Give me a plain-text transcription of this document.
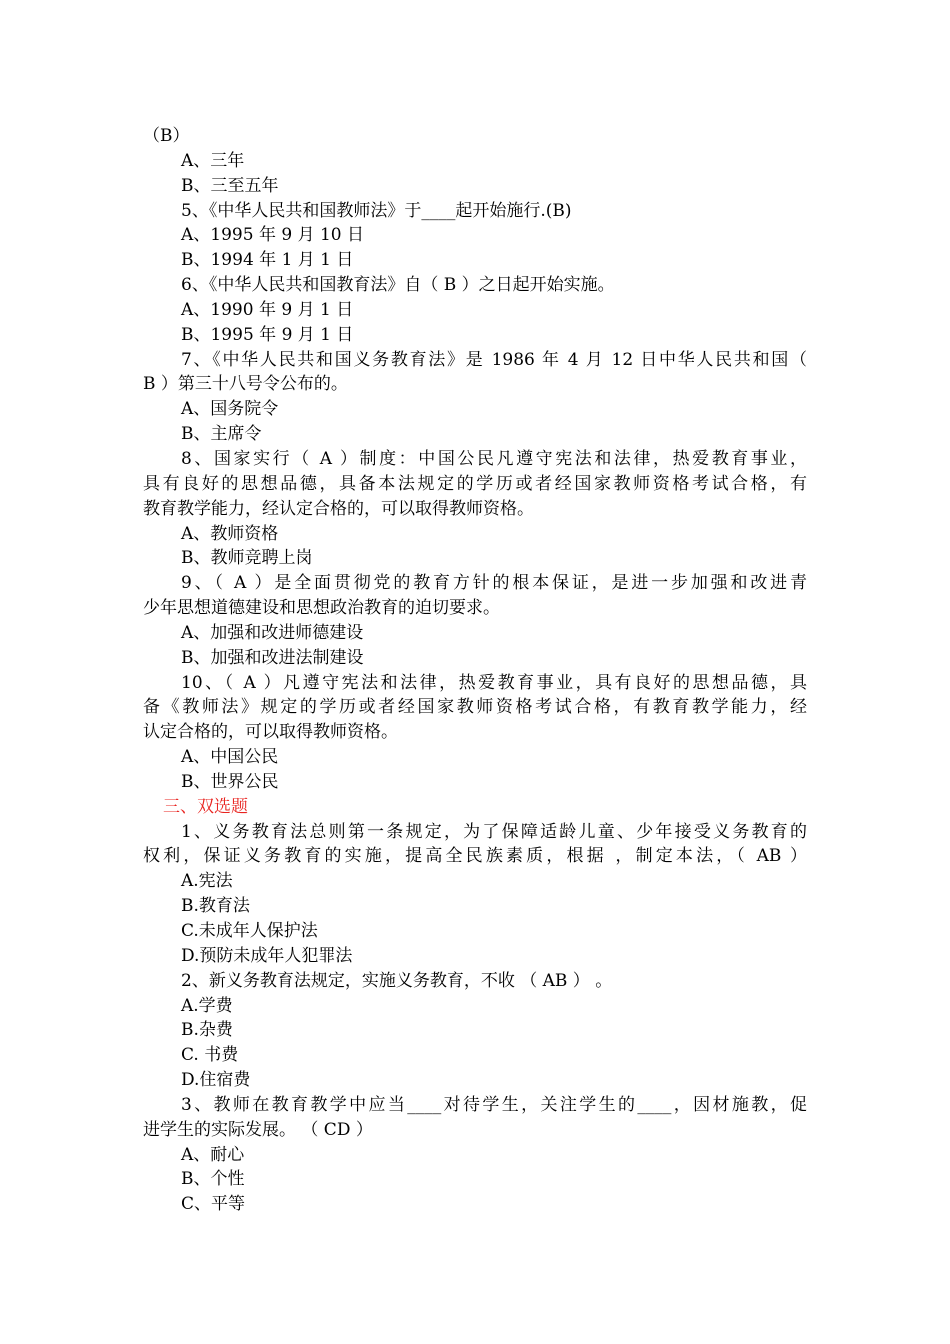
（B）
A、三年
B、三至五年
5、《中华人民共和国教师法》于____起开始施行.(B)
A、1995 年 9 月 10 日
B、1994 年 1 月 1 日
6、《中华人民共和国教育法》自（ B ）之日起开始实施。
A、1990 年 9 月 1 日
B、1995 年 9 月 1 日
7、《中华人民共和国义务教育法》是 1986 年 4 月 12 日中华人民共和国（
B ）第三十八号令公布的。
A、国务院令
B、主席令
8、国家实行（ A ）制度：中国公民凡遵守宪法和法律，热爱教育事业，
具有良好的思想品德，具备本法规定的学历或者经国家教师资格考试合格，有
教育教学能力，经认定合格的，可以取得教师资格。
A、教师资格
B、教师竞聘上岗
9、（ A ）是全面贯彻党的教育方针的根本保证，是进一步加强和改进青
少年思想道德建设和思想政治教育的迫切要求。
A、加强和改进师德建设
B、加强和改进法制建设
10、（ A ）凡遵守宪法和法律，热爱教育事业，具有良好的思想品德，具
备《教师法》规定的学历或者经国家教师资格考试合格，有教育教学能力，经
认定合格的，可以取得教师资格。
A、中国公民
B、世界公民
三、双选题
1、义务教育法总则第一条规定，为了保障适龄儿童、少年接受义务教育的
权利，保证义务教育的实施，提高全民族素质，根据 ，制定本法，（ AB ）
A.宪法
B.教育法
C.未成年人保护法
D.预防未成年人犯罪法
2、新义务教育法规定，实施义务教育，不收 （ AB ） 。
A.学费
B.杂费
C. 书费
D.住宿费
3、教师在教育教学中应当____对待学生，关注学生的____，因材施教，促
进学生的实际发展。 （ CD ）
A、耐心
B、个性
C、平等
